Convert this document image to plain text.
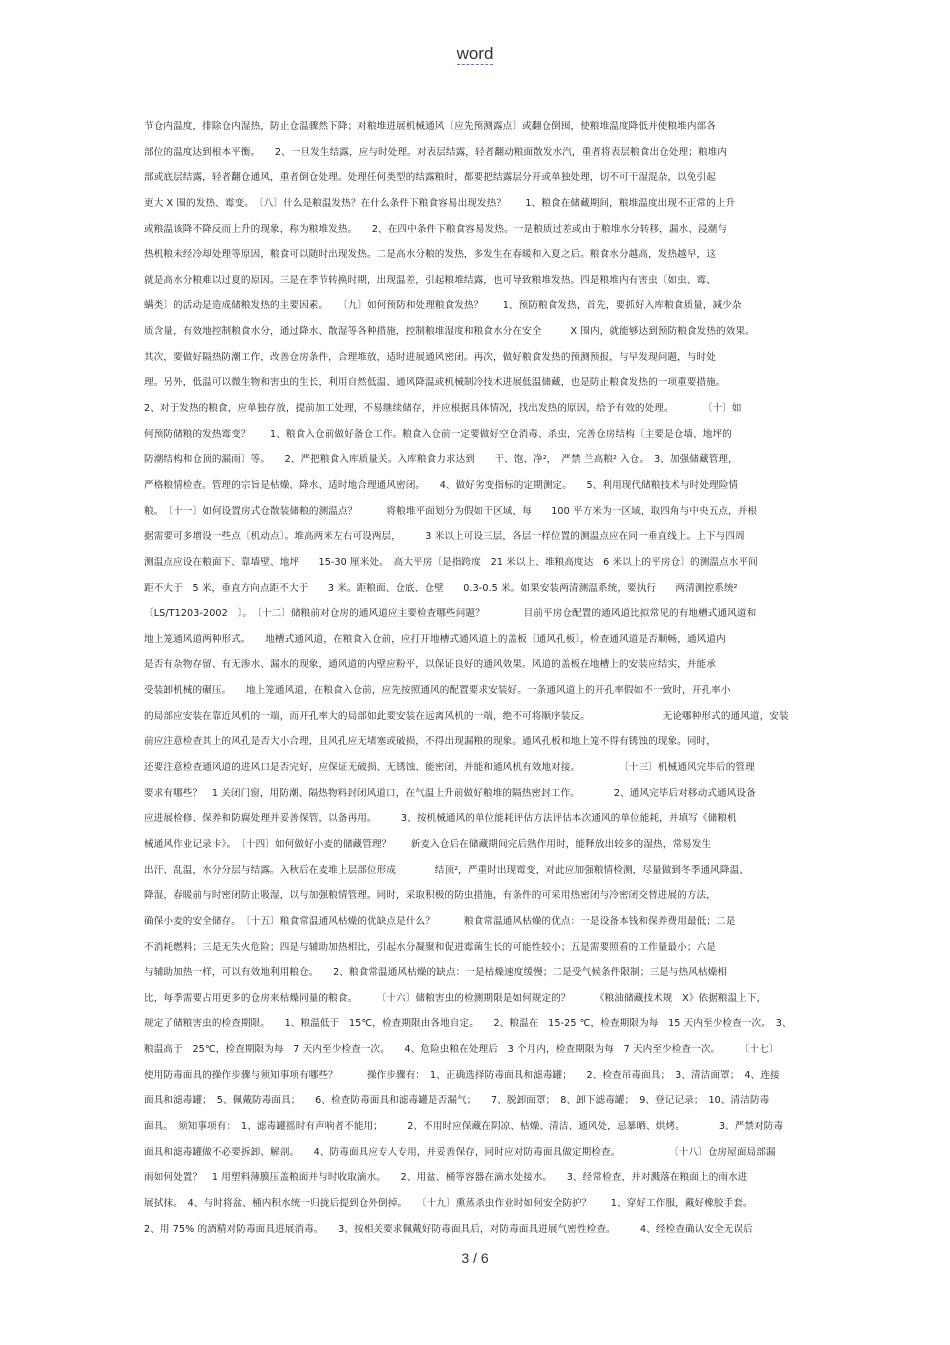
word
节仓内温度，排除仓内湿热，防止仓温骤然下降；对粮堆进展机械通风〔应先预测露点〕或翻仓倒囤，使粮堆温度降低并使粮堆内部各
部位的温度达到根本平衡。　　2、一旦发生结露，应与时处理。对表层结露，轻者翻动粮面散发水汽，重者将表层粮食出仓处理；粮堆内
部或底层结露，轻者翻仓通风，重者倒仓处理。处理任何类型的结露粮时，都要把结露层分开或单独处理，切不可干湿混杂，以免引起
更大 X 围的发热、霉变。　〔八〕什么是粮温发热？在什么条件下粮食容易出现发热？　　1、粮食在储藏期间，粮堆温度出现不正常的上升
或粮温该降不降反而上升的现象，称为粮堆发热。　　2、在四中条件下粮食容易发热。一是粮质过差或由于粮堆水分转移，漏水、浸潮与
热机粮未经冷却处理等原因，粮食可以随时出现发热。二是高水分粮的发热，多发生在春暖和入夏之后。粮食水分越高，发热越早，这
就是高水分粮难以过夏的原因。三是在季节转换时期，出现温差，引起粮堆结露，也可导致粮堆发热。四是粮堆内有害虫〔如虫、霉、
螨类〕的活动是造成储粮发热的主要因素。　　〔九〕如何预防和处理粮食发热？　　1、预防粮食发热，首先，要抓好入库粮食质量，减少杂
质含量，有效地控制粮食水分，通过降水、散湿等各种措施，控制粮堆湿度和粮食水分在安全　　　X 围内，就能够达到预防粮食发热的效果。
其次，要做好隔热防潮工作，改善仓房条件，合理堆放，适时进展通风密闭。再次，做好粮食发热的预测预报，与早发现问题，与时处
理。另外，低温可以微生物和害虫的生长，利用自然低温、通风降温或机械制冷技术进展低温储藏，也是防止粮食发热的一项重要措施。
2、对于发热的粮食，应单独存放，提前加工处理，不易继续储存，并应根据具体情况，找出发热的原因，给予有效的处理。　　　　〔十〕如
何预防储粮的发热霉变？　　1、粮食入仓前做好备仓工作。粮食入仓前一定要做好空仓消毒、杀虫，完善仓房结构〔主要是仓墙、地坪的
防潮结构和仓顶的漏雨〕等。　　2、严把粮食入库质量关。入库粮食力求达到　　干、饱、净²，　严禁 兰高粮² 入仓。　3、加强储藏管理，
严格粮情检查。管理的宗旨是枯燥、降水、适时地合理通风密闭。　　4、做好劣变指标的定期测定。　　5、利用现代储粮技术与时处理险情
粮。　〔十一〕如何设置房式仓散装储粮的测温点？　　　将粮堆平面划分为假如干区域，每　　100 平方米为一区域，取四角与中央五点，并根
据需要可多增设一些点〔机动点〕。堆高两米左右可设两层，　　　3 米以上可设三层，各层一样位置的测温点应在同一垂直线上。上下与四周
测温点应设在粮面下、靠墙壁、地坪　　15-30 厘米处。　高大平房〔是指跨度　21 米以上、堆粮高度达　6 米以上的平房仓〕的测温点水平间
距不大于　5 米，垂直方向点距不大于　　3 米。距粮面、仓底、仓壁　　0.3-0.5 米。如果安装两清测温系统，要执行　　两清测控系统²
〔LS/T1203-2002　〕。　〔十二〕储粮前对仓房的通风道应主要检查哪些问题？　　　　目前平房仓配置的通风道比拟常见的有地槽式通风道和
地上笼通风道两种形式。　　地槽式通风道，在粮食入仓前，应打开地槽式通风道上的盖板〔通风孔板〕，检查通风道是否顺畅，通风道内
是否有杂物存留、有无渗水、漏水的现象，通风道的内壁应粉平，以保证良好的通风效果。风道的盖板在地槽上的安装应结实，并能承
受装卸机械的碾压。　　地上笼通风道，在粮食入仓前，应先按照通风的配置要求安装好。一条通风道上的开孔率假如不一致时，开孔率小
的局部应安装在靠近风机的一端，而开孔率大的局部如此要安装在远离风机的一端，绝不可将顺序装反。　　　　　　　　无论哪种形式的通风道，安装
前应注意检查其上的风孔是否大小合理，且风孔应无堵塞或破损，不得出现漏粮的现象。通风孔板和地上笼不得有锈蚀的现象。同时，
还要注意检查通风道的进风口是否完好，应保证无破损、无锈蚀、能密闭，并能和通风机有效地对接。　　　　　〔十三〕机械通风完毕后的管理
要求有哪些？　1 关闭门窗，用防潮、隔热物料封闭风道口，在气温上升前做好粮堆的隔热密封工作。　　　　2、通风完毕后对移动式通风设备
应进展检修、保养和防腐处理并妥善保管，以备再用。　　　3、按机械通风的单位能耗评估方法评估本次通风的单位能耗，并填写《储粮机
械通风作业记录卡》。　〔十四〕如何做好小麦的储藏管理？　　新麦入仓后在储藏期间完后熟作用时，能释放出较多的湿热，常易发生
出汗、乱温，水分分层与结露。入秋后在麦堆上层部位形成　　　　结顶²，严重时出现霉变，对此应加强粮情检测，尽量做到冬季通风降温、
降湿，春暖前与时密闭防止吸湿，以与加强粮情管理。同时，采取积极的防虫措施，有条件的可采用热密闭与冷密闭交替进展的方法，
确保小麦的安全储存。　〔十五〕粮食常温通风枯燥的优缺点是什么？　　　粮食常温通风枯燥的优点：一是设备本钱和保养费用最低；二是
不消耗燃料；三是无失火危险；四是与辅助加热相比，引起水分凝聚和促进霉菌生长的可能性较小；五是需要照看的工作量最小；六是
与辅助加热一样，可以有效地利用粮仓。　　2、粮食常温通风枯燥的缺点：一是枯燥速度缓慢；二是受气候条件限制；三是与热风枯燥相
比，每季需要占用更多的仓房来枯燥同量的粮食。　　　〔十六〕储粮害虫的检测期限是如何规定的？　　　《粮油储藏技术规　X》依据粮温上下，
规定了储粮害虫的检查期限。　　1、粮温低于　15℃，检查期限由各地自定。　　2、粮温在　15-25 ℃，检查期限为每　15 天内至少检查一次。　3、
粮温高于　25℃，检查期限为每　7 天内至少检查一次。　　4、危险虫粮在处理后　3 个月内，检查期限为每　7 天内至少检查一次。　　　〔十七〕
使用防毒面具的操作步骤与须知事项有哪些？　　　操作步骤有：　1、正确选择防毒面具和滤毒罐；　　2、检查吊毒面具；　3、清洁面罩；　4、连接
面具和滤毒罐；　5、佩戴防毒面具；　　6、检查防毒面具和滤毒罐是否漏气；　　7、脱卸面罩；　8、卸下滤毒罐；　9、登记记录；　10、清洁防毒
面具。　须知事项有：　1、滤毒罐摇时有声响者不能用；　　　2、不用时应保藏在阴凉、枯燥、清洁、通风处，忌暴晒、烘烤。　　　　3、严禁对防毒
面具和滤毒罐做不必要拆卸、解剖。　　4、防毒面具应专人专用，并妥善保存，同时应对防毒面具做定期检查。　　　　　　〔十八〕仓房屋面局部漏
雨如何处置？　1 用塑料薄膜压盖粮面并与时收取滴水。　　2、用盆、桶等容器在滴水处接水。　　3、经常检查，并对溅落在粮面上的雨水进
展拭抹。　4、与时将盆、桶内积水统一归拢后提到仓外倒掉。　　〔十九〕熏蒸杀虫作业时如何安全防护？　　1、穿好工作服，戴好橡胶手套。
2、用 75% 的酒精对防毒面具进展消毒。　　3、按相关要求佩戴好防毒面具后，对防毒面具进展气密性检查。　　　4、经检查确认安全无误后
3 / 6
